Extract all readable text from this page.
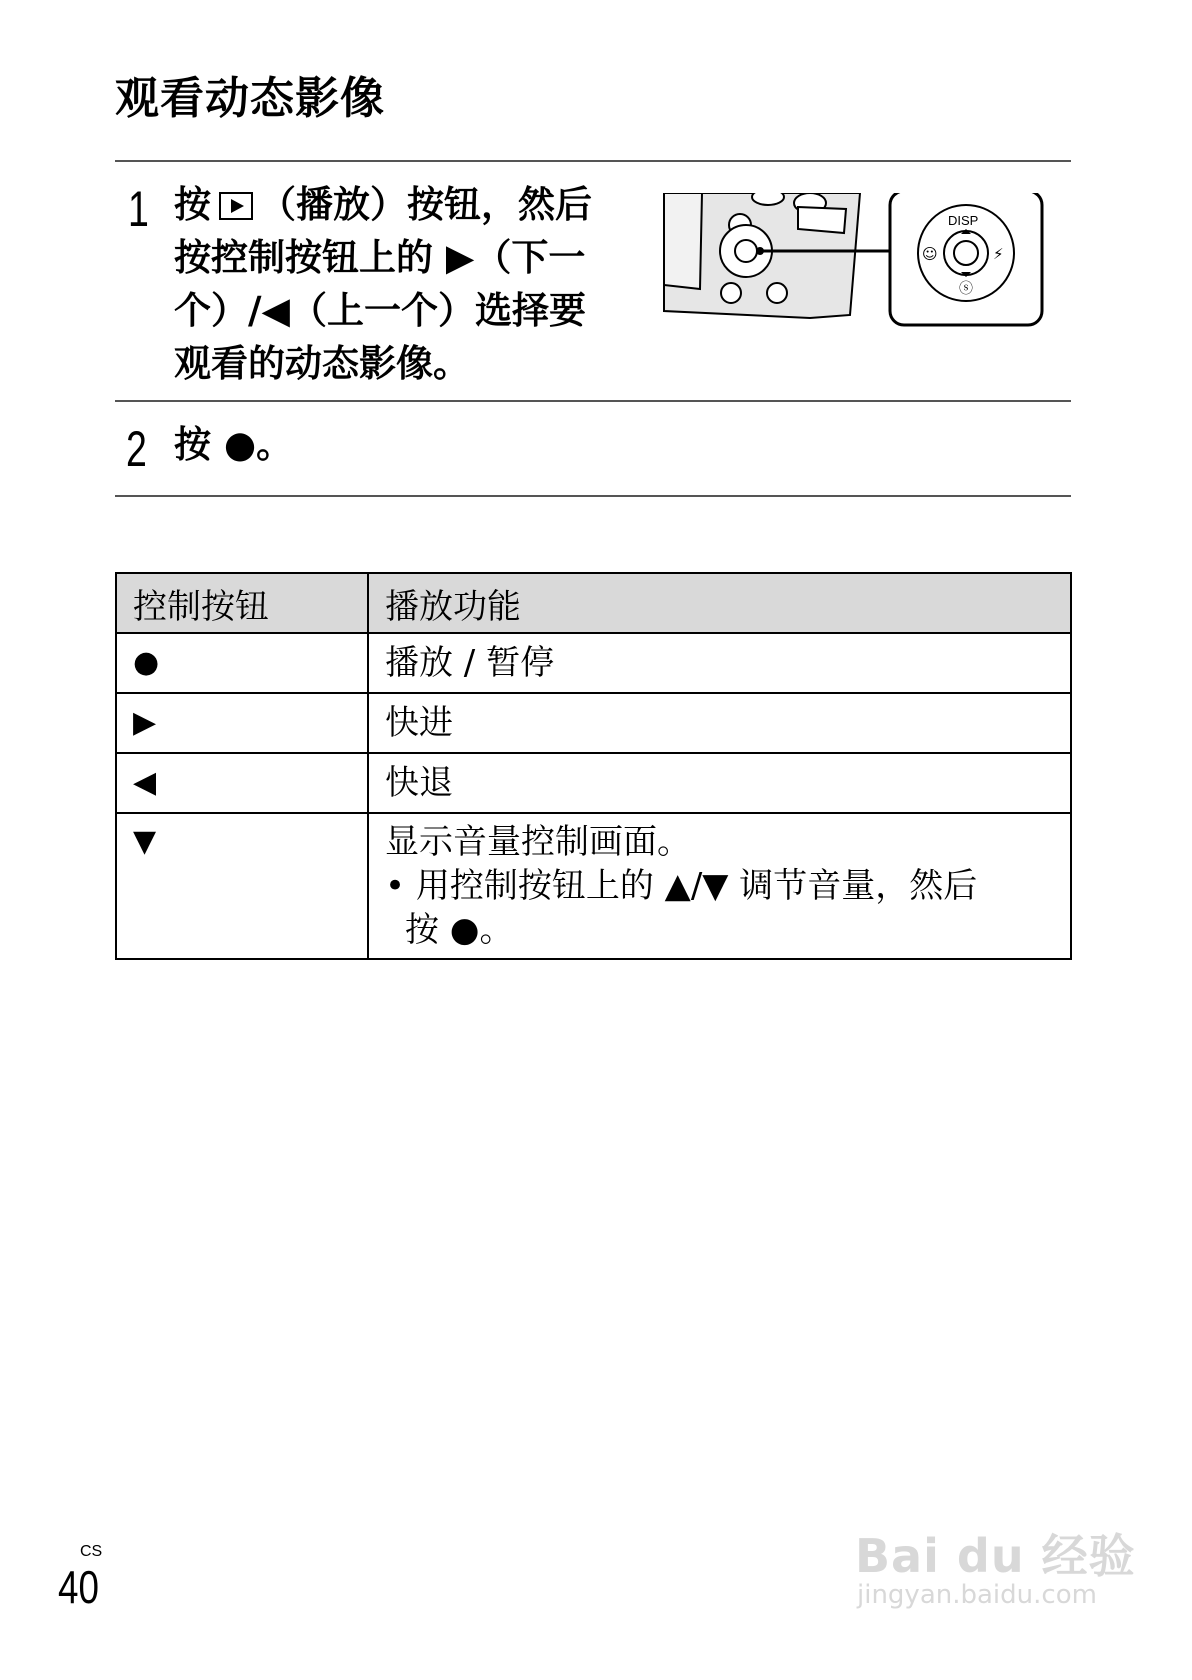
观看动态影像
1 按 （播放）按钮，然后
按控制按钮上的 ▶（下一
个）/◀（上一个）选择要
观看的动态影像。
DISP
☺	⚡
ⓢ
2 按 ●。
控制按钮	播放功能
●	播放 / 暂停
▶	快进
◀	快退
▼	显示音量控制画面。
• 用控制按钮上的 ▲/▼ 调节音量，然后
按 ●。
CS
40
Bai du 经验
jingyan.baidu.com
